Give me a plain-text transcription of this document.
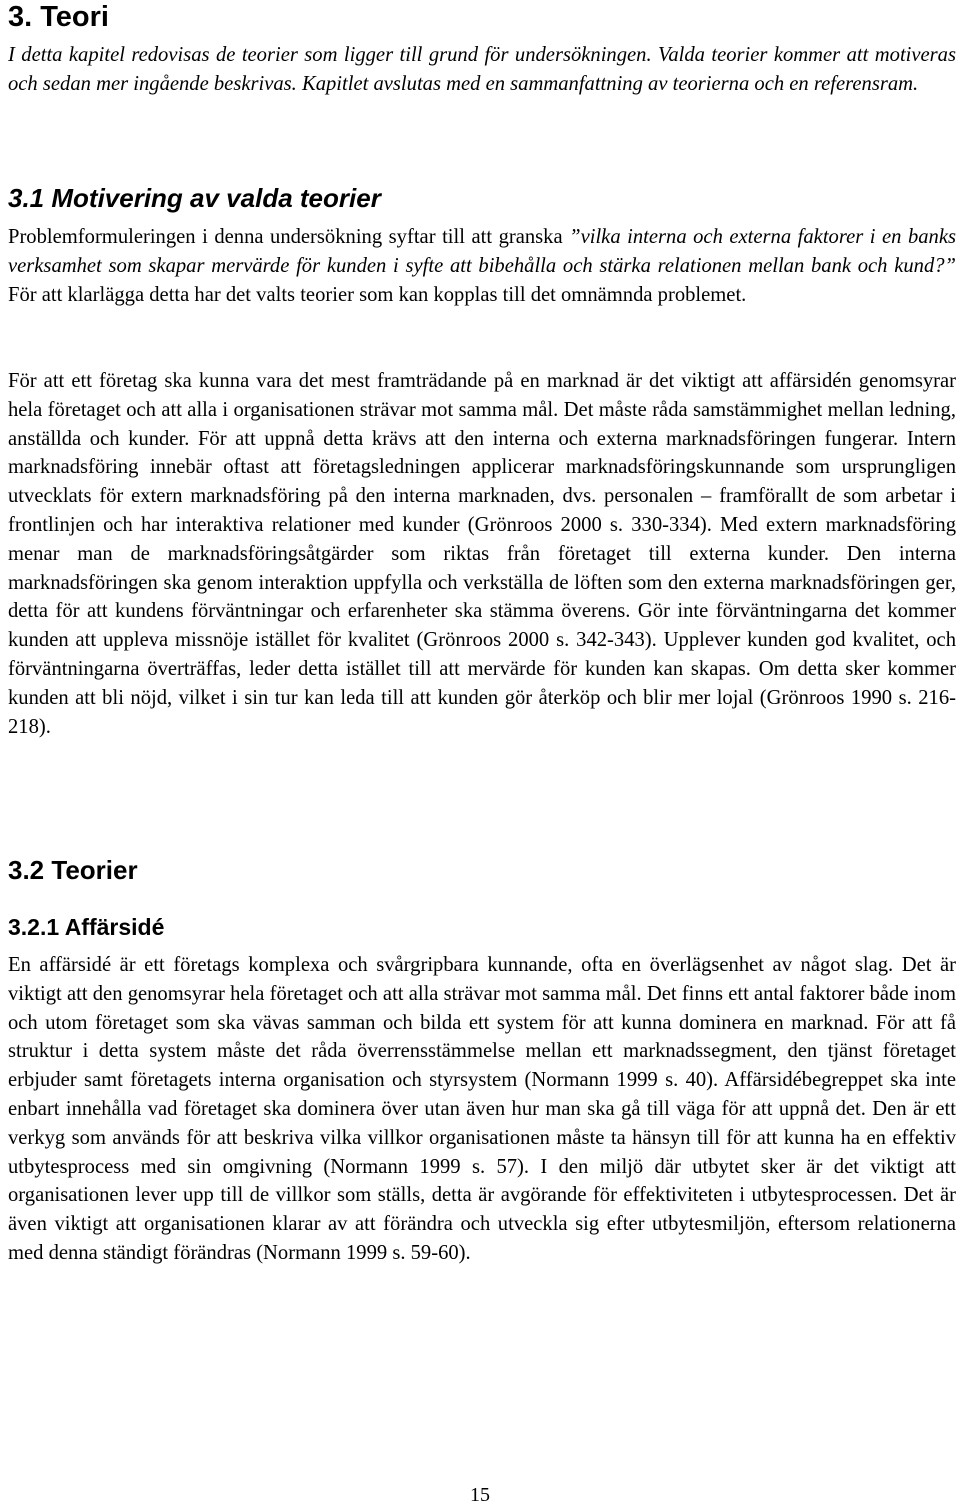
3. Teori

I detta kapitel redovisas de teorier som ligger till grund för undersökningen. Valda teorier kommer att motiveras och sedan mer ingående beskrivas. Kapitlet avslutas med en sammanfattning av teorierna och en referensram.

3.1 Motivering av valda teorier

Problemformuleringen i denna undersökning syftar till att granska ”vilka interna och externa faktorer i en banks verksamhet som skapar mervärde för kunden i syfte att bibehålla och stärka relationen mellan bank och kund?” För att klarlägga detta har det valts teorier som kan kopplas till det omnämnda problemet.

För att ett företag ska kunna vara det mest framträdande på en marknad är det viktigt att affärsidén genomsyrar hela företaget och att alla i organisationen strävar mot samma mål. Det måste råda samstämmighet mellan ledning, anställda och kunder. För att uppnå detta krävs att den interna och externa marknadsföringen fungerar. Intern marknadsföring innebär oftast att företagsledningen applicerar marknadsföringskunnande som ursprungligen utvecklats för extern marknadsföring på den interna marknaden, dvs. personalen – framförallt de som arbetar i frontlinjen och har interaktiva relationer med kunder (Grönroos 2000 s. 330-334). Med extern marknadsföring menar man de marknadsföringsåtgärder som riktas från företaget till externa kunder. Den interna marknadsföringen ska genom interaktion uppfylla och verkställa de löften som den externa marknadsföringen ger, detta för att kundens förväntningar och erfarenheter ska stämma överens. Gör inte förväntningarna det kommer kunden att uppleva missnöje istället för kvalitet (Grönroos 2000 s. 342-343). Upplever kunden god kvalitet, och förväntningarna överträffas, leder detta istället till att mervärde för kunden kan skapas. Om detta sker kommer kunden att bli nöjd, vilket i sin tur kan leda till att kunden gör återköp och blir mer lojal (Grönroos 1990 s. 216-218).

3.2 Teorier
3.2.1 Affärsidé

En affärsidé är ett företags komplexa och svårgripbara kunnande, ofta en överlägsenhet av något slag. Det är viktigt att den genomsyrar hela företaget och att alla strävar mot samma mål. Det finns ett antal faktorer både inom och utom företaget som ska vävas samman och bilda ett system för att kunna dominera en marknad. För att få struktur i detta system måste det råda överrensstämmelse mellan ett marknadssegment, den tjänst företaget erbjuder samt företagets interna organisation och styrsystem (Normann 1999 s. 40). Affärsidébegreppet ska inte enbart innehålla vad företaget ska dominera över utan även hur man ska gå till väga för att uppnå det. Den är ett verkyg som används för att beskriva vilka villkor organisationen måste ta hänsyn till för att kunna ha en effektiv utbytesprocess med sin omgivning (Normann 1999 s. 57). I den miljö där utbytet sker är det viktigt att organisationen lever upp till de villkor som ställs, detta är avgörande för effektiviteten i utbytesprocessen. Det är även viktigt att organisationen klarar av att förändra och utveckla sig efter utbytesmiljön, eftersom relationerna med denna ständigt förändras (Normann 1999 s. 59-60).

15
